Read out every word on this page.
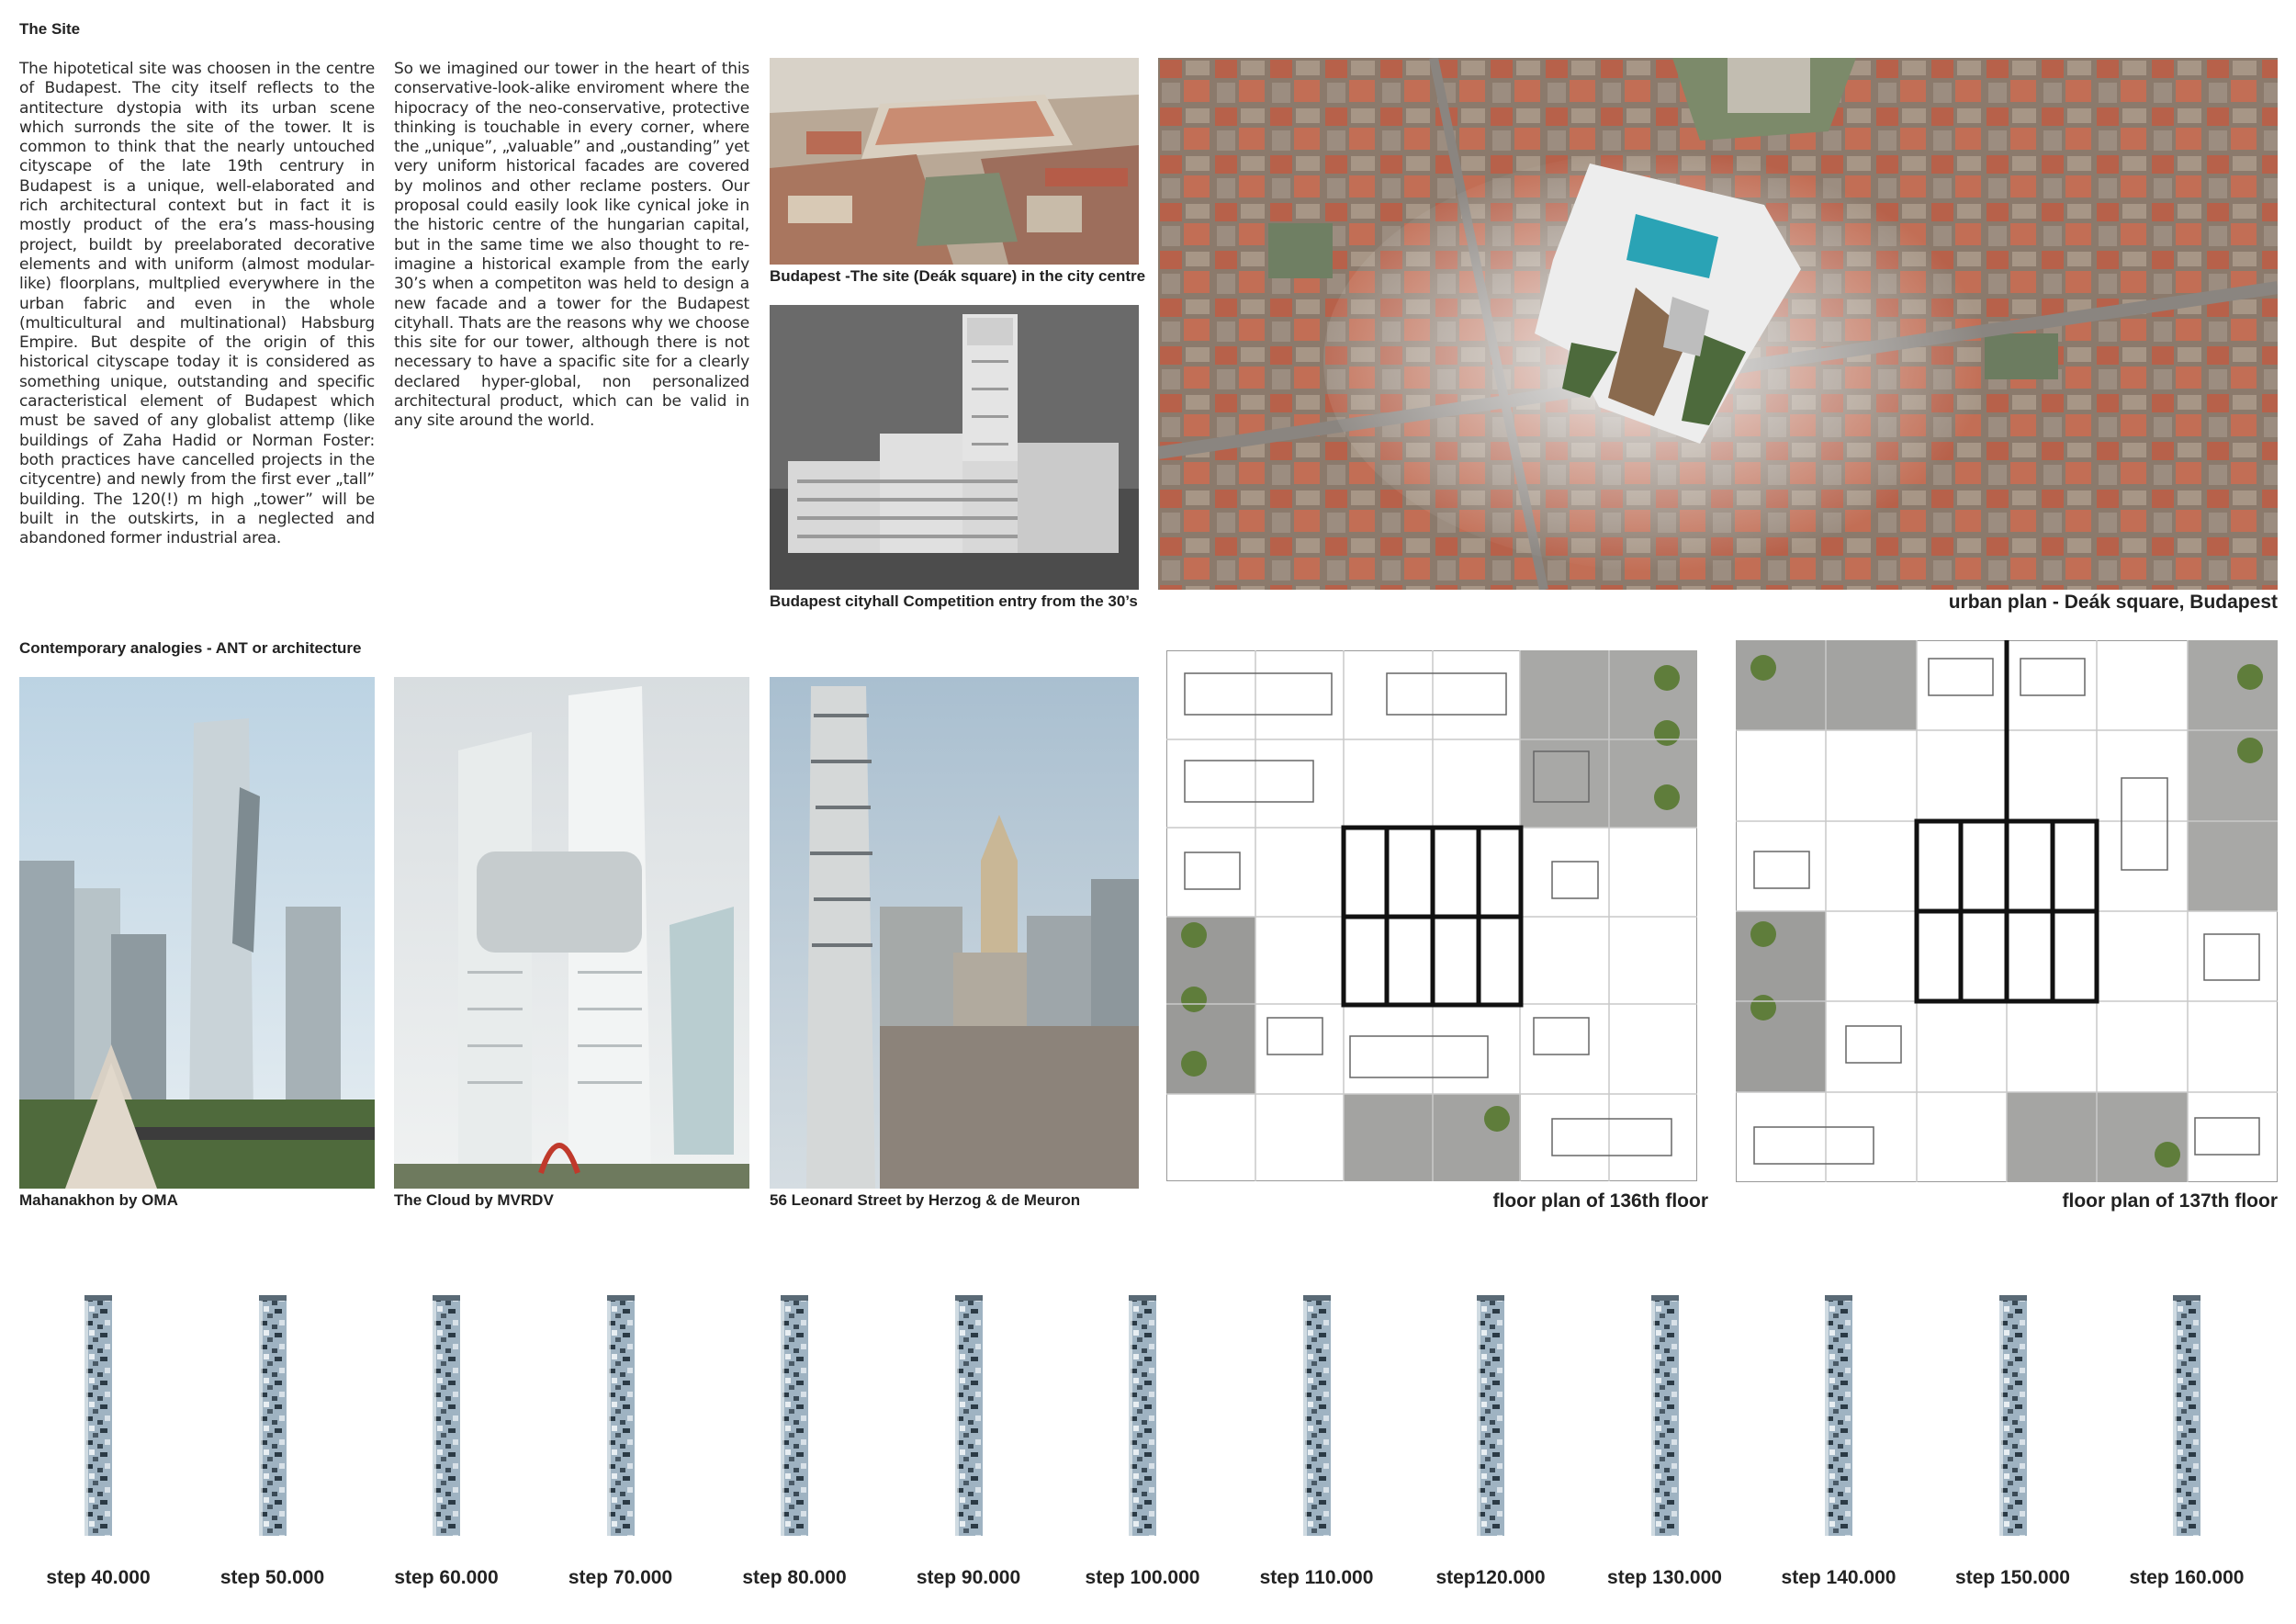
The Site
The hipotetical site was choosen in the centre of Budapest. The city itself reflects to the antitecture dystopia with its urban scene which surronds the site of the tower. It is common to think that the nearly untouched cityscape of the late 19th centrury in Budapest is a unique, well-elaborated and rich architectural context but in fact it is mostly product of the era’s mass-housing project, buildt by preelaborated decorative elements and with uniform (almost modular-like) floorplans, multplied everywhere in the urban fabric and even in the whole (multicultural and multinational) Habsburg Empire. But despite of the origin of this historical cityscape today it is considered as something unique, outstanding and specific caracteristical element of Budapest which must be saved of any globalist attemp (like buildings of Zaha Hadid or Norman Foster: both practices have cancelled projects in the citycentre) and newly from the first ever „tall” building. The 120(!) m high „tower” will be built in the outskirts, in a neglected and abandoned former industrial area.
So we imagined our tower in the heart of this conservative-look-alike enviroment where the hipocracy of the neo-conservative, protective thinking is touchable in every corner, where the „unique”, „valuable” and „oustanding” yet very uniform historical facades are covered by molinos and other reclame posters. Our proposal could easily look like cynical joke in the historic centre of the hungarian capital, but in the same time we also thought to re-imagine a historical example from the early 30’s when a competiton was held to design a new facade and a tower for the Budapest cityhall. Thats are the reasons why we choose this site for our tower, although there is not necessary to have a spacific site for a clearly declared hyper-global, non personalized architectural product, which can be valid in any site around the world.
Budapest -The site (Deák square) in the city centre
Budapest cityhall Competition entry from the 30’s	urban plan - Deák square, Budapest
Contemporary analogies - ANT or architecture
Mahanakhon by OMA	The Cloud by MVRDV	56 Leonard Street by Herzog & de Meuron	floor plan of 136th floor	floor plan of 137th floor
step 40.000	step 50.000	step 60.000	step 70.000	step 80.000	step 90.000	step 100.000	step 110.000	step120.000	step 130.000	step 140.000	step 150.000	step 160.000
